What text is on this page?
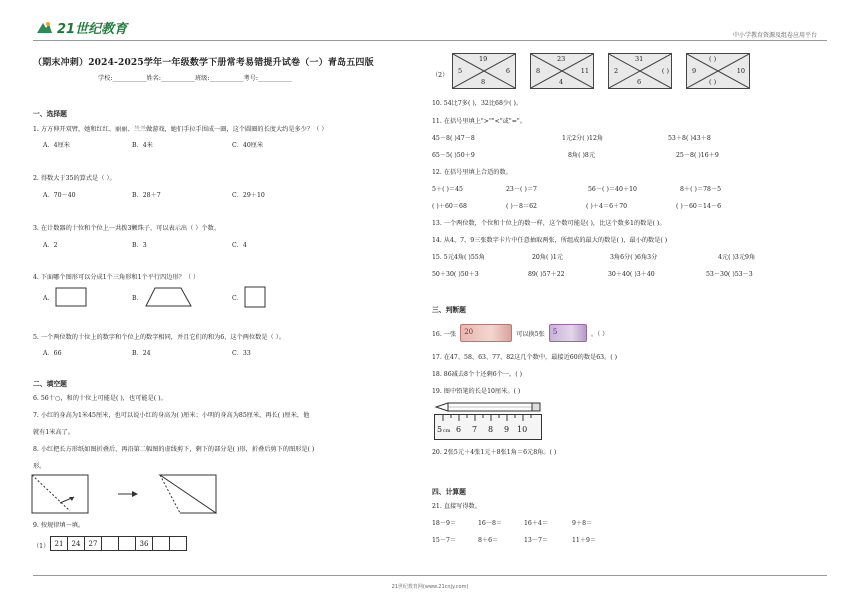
21世纪教育	中小学教育资源及组卷应用平台
（期末冲刺）2024-2025学年一年级数学下册常考易错提升试卷（一）青岛五四版
学校:___________姓名:___________班级:___________考号:___________
一、选择题
1. 方方伸开双臂，她和红红、丽丽、兰兰做游戏，她们手拉手围成一圈，这个圆圈的长度大约是多少？（ ）
A．4厘米	B．4米	C．40厘米
2. 得数大于35的算式是（ ）。
A．70－40	B．28＋7	C．29＋10
3. 在计数器的十位和个位上一共拨3颗珠子，可以表示出（ ）个数。
A．2	B．3	C．4
4. 下面哪个图形可以分成1个三角形和1个平行四边形？（ ）
A．	B．	C．
5. 一个两位数的十位上的数字和个位上的数字相同，并且它们的和为6，这个两位数是（ ）。
A．66	B．24	C．33
二、填空题
6. 56十○，和的十位上可能是( )，也可能是( )。
7. 小红的身高为1米45厘米，也可以说小红的身高为( )厘米；小明的身高为85厘米，再长( )厘米，他
就有1米高了。
8. 小红把长方形纸如图折叠后，再沿第二幅图的虚线剪下，剩下的部分是( )形，折叠后剪下的图形是( )
形。
9. 按规律填一填。
（1） 21	24	27			36		
（2）
19
5	6
8
23
8	11
4
31
2	( )
6
( )
9	10
( )
10. 54比7多( )，32比68少( )。
11. 在括号里填上">""<"或"="。
45－8( )47－8	1元2分( )12角	53＋8( )43＋8
65－5( )50＋9	8角( )8元	25－8( )16＋9
12. 在括号里填上合适的数。
5＋( )＝45	23－( )＝7	56－( )＝40＋10	8＋( )＝78－5
( )＋60＝68	( )－8＝62	( )＋4＝6＋70	( )－60＝14－6
13. 一个两位数，个位和十位上的数一样，这个数可能是( )，比这个数多1的数是( )。
14. 从4、7、9三张数字卡片中任意抽取两张，所组成的最大的数是( )，最小的数是( )
15. 5元4角( )55角	20角( )1元	3角6分( )6角3分	4元( )3元9角
50＋30( )50＋3	89( )57＋22	30＋40( )3＋40	53－30( )53－3
三、判断题
16. 一张 20	可以换5张 5	。（ ）
17. 在47、58、63、77、82这几个数中，最接近60的数是63。( )
18. 86减去8个十还剩6个一。( )
19. 图中铅笔的长是10厘米。( )
5 cm 6 7 8 9 10
20. 2张5元＋4张1元＋8张1角＝6元8角。( )
四、计算题
21. 直接写得数。
18－9＝	16－8＝	16＋4＝	9＋8＝
15－7＝	8＋6＝	13－7＝	11＋9＝
21世纪教育网(www.21cnjy.com)
